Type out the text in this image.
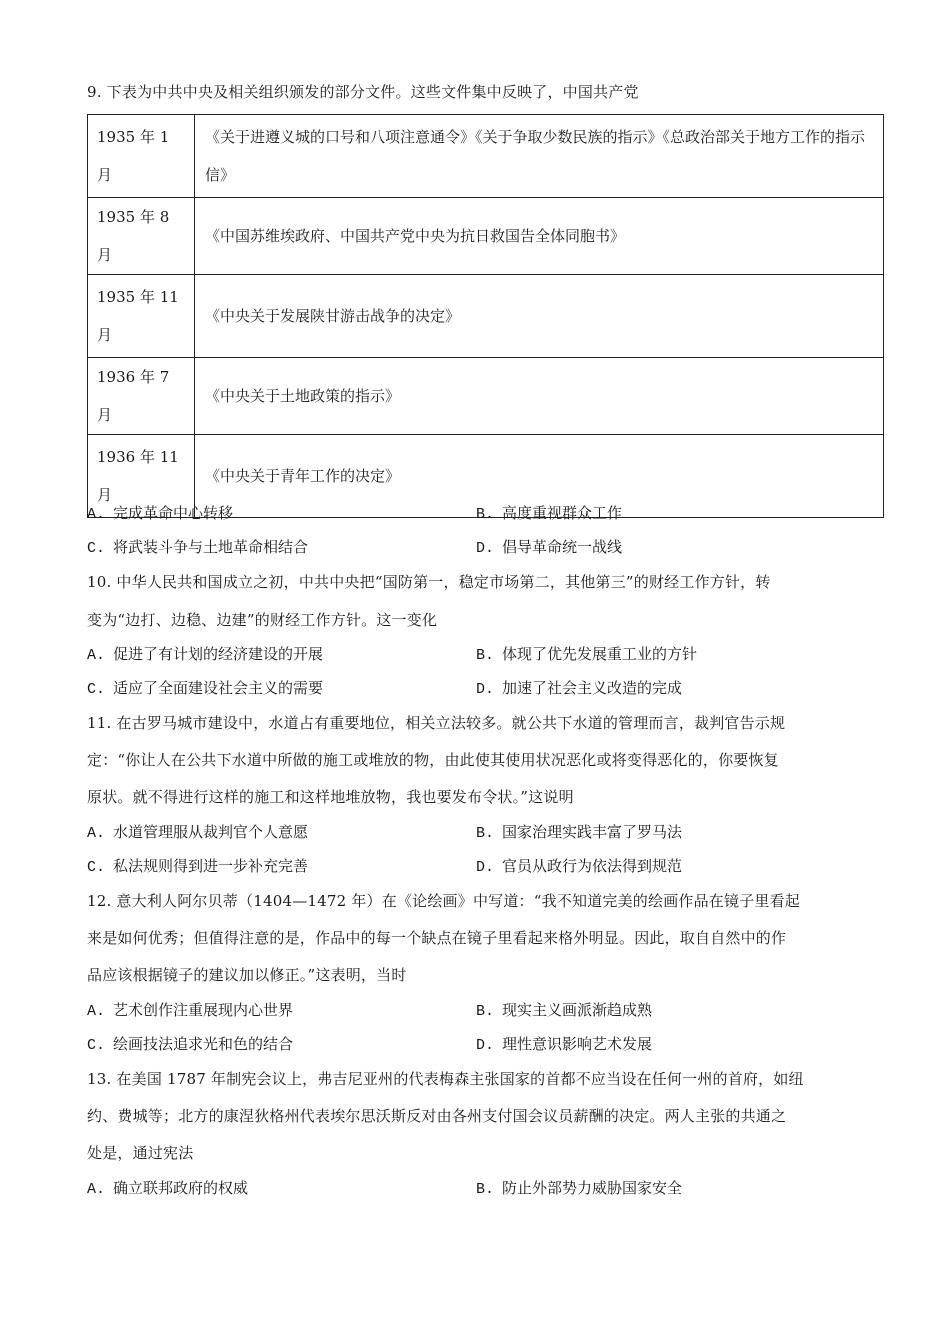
9. 下表为中共中央及相关组织颁发的部分文件。这些文件集中反映了，中国共产党
1935 年 1 月	《关于进遵义城的口号和八项注意通令》《关于争取少数民族的指示》《总政治部关于地方工作的指示信》
1935 年 8 月	《中国苏维埃政府、中国共产党中央为抗日救国告全体同胞书》
1935 年 11 月	《中央关于发展陕甘游击战争的决定》
1936 年 7 月	《中央关于土地政策的指示》
1936 年 11 月	《中央关于青年工作的决定》
A. 完成革命中心转移	B. 高度重视群众工作
C. 将武装斗争与土地革命相结合	D. 倡导革命统一战线
10. 中华人民共和国成立之初，中共中央把“国防第一，稳定市场第二，其他第三”的财经工作方针，转
变为“边打、边稳、边建”的财经工作方针。这一变化
A. 促进了有计划的经济建设的开展	B. 体现了优先发展重工业的方针
C. 适应了全面建设社会主义的需要	D. 加速了社会主义改造的完成
11. 在古罗马城市建设中，水道占有重要地位，相关立法较多。就公共下水道的管理而言，裁判官告示规
定：“你让人在公共下水道中所做的施工或堆放的物，由此使其使用状况恶化或将变得恶化的，你要恢复
原状。就不得进行这样的施工和这样地堆放物，我也要发布令状。”这说明
A. 水道管理服从裁判官个人意愿	B. 国家治理实践丰富了罗马法
C. 私法规则得到进一步补充完善	D. 官员从政行为依法得到规范
12. 意大利人阿尔贝蒂（1404—1472 年）在《论绘画》中写道：“我不知道完美的绘画作品在镜子里看起
来是如何优秀；但值得注意的是，作品中的每一个缺点在镜子里看起来格外明显。因此，取自自然中的作
品应该根据镜子的建议加以修正。”这表明，当时
A. 艺术创作注重展现内心世界	B. 现实主义画派渐趋成熟
C. 绘画技法追求光和色的结合	D. 理性意识影响艺术发展
13. 在美国 1787 年制宪会议上，弗吉尼亚州的代表梅森主张国家的首都不应当设在任何一州的首府，如纽
约、费城等；北方的康涅狄格州代表埃尔思沃斯反对由各州支付国会议员薪酬的决定。两人主张的共通之
处是，通过宪法
A. 确立联邦政府的权威	B. 防止外部势力威胁国家安全
